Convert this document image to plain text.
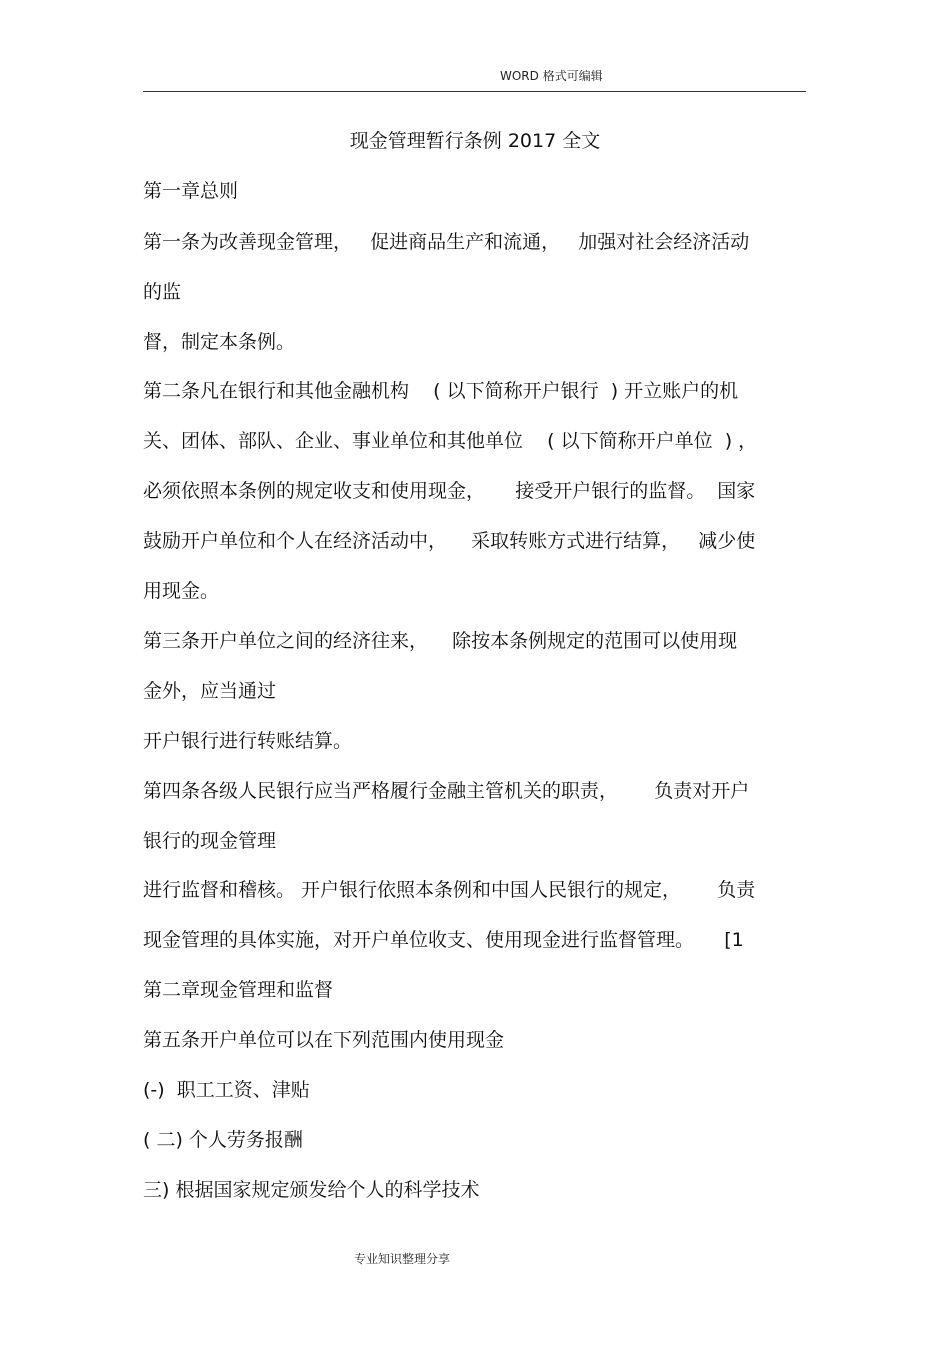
WORD 格式可编辑
现金管理暂行条例 2017 全文
第一章总则
第一条为改善现金管理，   促进商品生产和流通，   加强对社会经济活动
的监
督，制定本条例。
第二条凡在银行和其他金融机构    ( 以下简称开户银行  ) 开立账户的机
关、团体、部队、企业、事业单位和其他单位    ( 以下简称开户单位  ) ，
必须依照本条例的规定收支和使用现金，     接受开户银行的监督。  国家
鼓励开户单位和个人在经济活动中，    采取转账方式进行结算，   减少使
用现金。
第三条开户单位之间的经济往来，    除按本条例规定的范围可以使用现
金外，应当通过
开户银行进行转账结算。
第四条各级人民银行应当严格履行金融主管机关的职责，      负责对开户
银行的现金管理
进行监督和稽核。 开户银行依照本条例和中国人民银行的规定，      负责
现金管理的具体实施，对开户单位收支、使用现金进行监督管理。     [1
第二章现金管理和监督
第五条开户单位可以在下列范围内使用现金
(-)  职工工资、津贴
( 二) 个人劳务报酬
三) 根据国家规定颁发给个人的科学技术
专业知识整理分享
